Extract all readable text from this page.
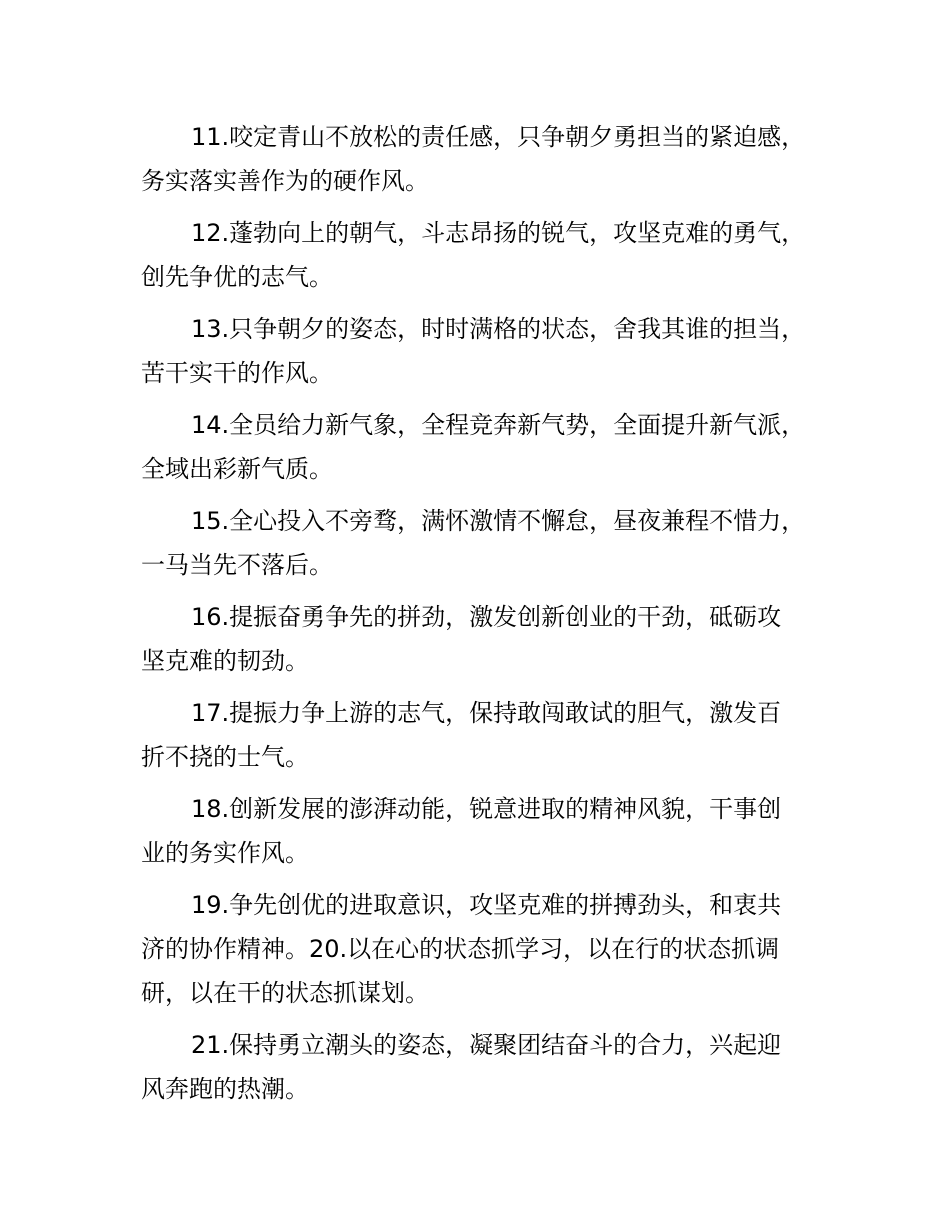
11.咬定青山不放松的责任感，只争朝夕勇担当的紧迫感，
务实落实善作为的硬作风。
12.蓬勃向上的朝气，斗志昂扬的锐气，攻坚克难的勇气，
创先争优的志气。
13.只争朝夕的姿态，时时满格的状态，舍我其谁的担当，
苦干实干的作风。
14.全员给力新气象，全程竞奔新气势，全面提升新气派，
全域出彩新气质。
15.全心投入不旁骛，满怀激情不懈怠，昼夜兼程不惜力，
一马当先不落后。
16.提振奋勇争先的拼劲，激发创新创业的干劲，砥砺攻
坚克难的韧劲。
17.提振力争上游的志气，保持敢闯敢试的胆气，激发百
折不挠的士气。
18.创新发展的澎湃动能，锐意进取的精神风貌，干事创
业的务实作风。
19.争先创优的进取意识，攻坚克难的拼搏劲头，和衷共
济的协作精神。20.以在心的状态抓学习，以在行的状态抓调
研，以在干的状态抓谋划。
21.保持勇立潮头的姿态，凝聚团结奋斗的合力，兴起迎
风奔跑的热潮。
